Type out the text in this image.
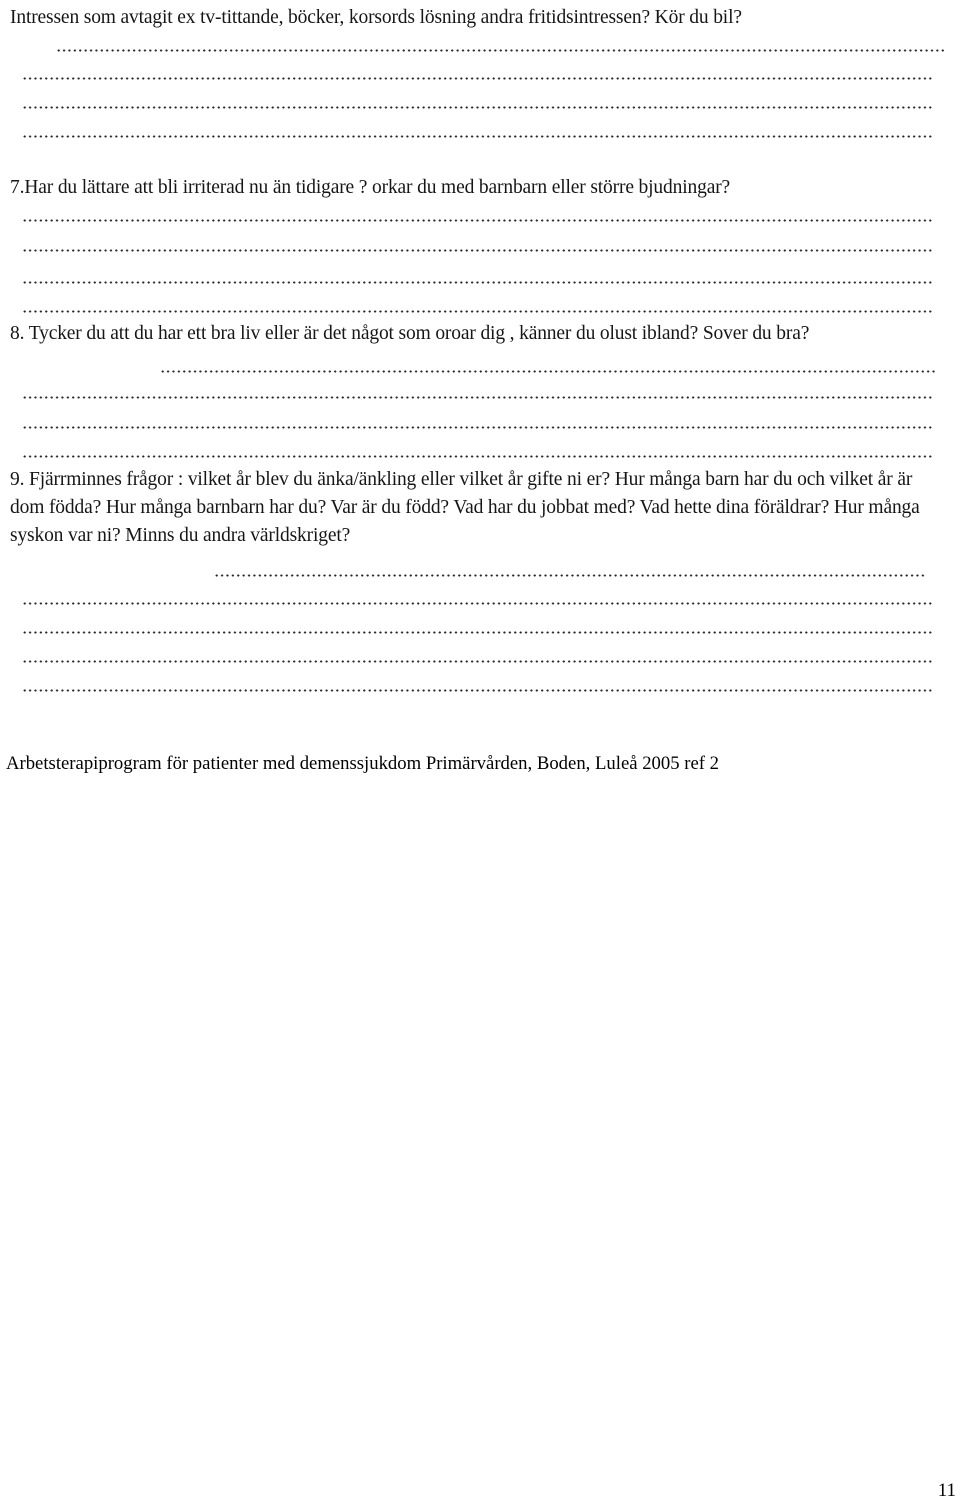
Intressen som avtagit ex tv-tittande, böcker, korsords lösning andra fritidsintressen? Kör du bil?
7.Har du lättare att bli irriterad nu än tidigare ? orkar du med barnbarn eller större bjudningar?
8. Tycker du att du har ett bra liv eller är det något som oroar dig , känner du olust ibland? Sover du bra?
9. Fjärrminnes frågor : vilket år blev du änka/änkling eller vilket år gifte ni er? Hur många barn har du och vilket år är dom födda? Hur många barnbarn har du? Var är du född? Vad har du jobbat med? Vad hette dina föräldrar? Hur många syskon var ni? Minns du andra världskriget?
Arbetsterapiprogram för patienter med demenssjukdom Primärvården, Boden, Luleå 2005 ref 2
11
